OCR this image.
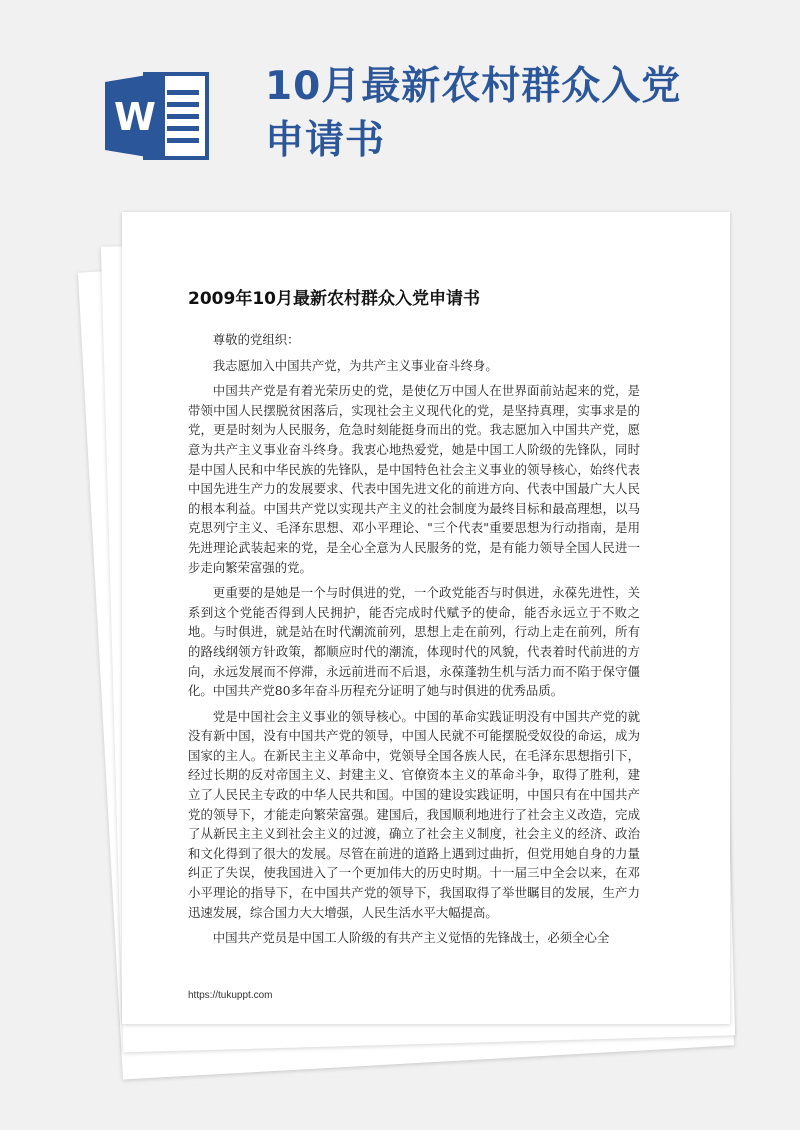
W
10月最新农村群众入党申请书
2009年10月最新农村群众入党申请书

尊敬的党组织：

我志愿加入中国共产党，为共产主义事业奋斗终身。

中国共产党是有着光荣历史的党，是使亿万中国人在世界面前站起来的党，是带领中国人民摆脱贫困落后，实现社会主义现代化的党，是坚持真理，实事求是的党，更是时刻为人民服务，危急时刻能挺身而出的党。我志愿加入中国共产党，愿意为共产主义事业奋斗终身。我衷心地热爱党，她是中国工人阶级的先锋队，同时是中国人民和中华民族的先锋队，是中国特色社会主义事业的领导核心，始终代表中国先进生产力的发展要求、代表中国先进文化的前进方向、代表中国最广大人民的根本利益。中国共产党以实现共产主义的社会制度为最终目标和最高理想，以马克思列宁主义、毛泽东思想、邓小平理论、"三个代表"重要思想为行动指南，是用先进理论武装起来的党，是全心全意为人民服务的党，是有能力领导全国人民进一步走向繁荣富强的党。

更重要的是她是一个与时俱进的党，一个政党能否与时俱进，永葆先进性，关系到这个党能否得到人民拥护，能否完成时代赋予的使命，能否永远立于不败之地。与时俱进，就是站在时代潮流前列，思想上走在前列，行动上走在前列，所有的路线纲领方针政策，都顺应时代的潮流，体现时代的风貌，代表着时代前进的方向，永远发展而不停滞，永远前进而不后退，永葆蓬勃生机与活力而不陷于保守僵化。中国共产党80多年奋斗历程充分证明了她与时俱进的优秀品质。

党是中国社会主义事业的领导核心。中国的革命实践证明没有中国共产党的就没有新中国，没有中国共产党的领导，中国人民就不可能摆脱受奴役的命运，成为国家的主人。在新民主主义革命中，党领导全国各族人民，在毛泽东思想指引下，经过长期的反对帝国主义、封建主义、官僚资本主义的革命斗争，取得了胜利，建立了人民民主专政的中华人民共和国。中国的建设实践证明，中国只有在中国共产党的领导下，才能走向繁荣富强。建国后，我国顺利地进行了社会主义改造，完成了从新民主主义到社会主义的过渡，确立了社会主义制度，社会主义的经济、政治和文化得到了很大的发展。尽管在前进的道路上遇到过曲折，但党用她自身的力量纠正了失误，使我国进入了一个更加伟大的历史时期。十一届三中全会以来，在邓小平理论的指导下，在中国共产党的领导下，我国取得了举世瞩目的发展，生产力迅速发展，综合国力大大增强，人民生活水平大幅提高。

中国共产党员是中国工人阶级的有共产主义觉悟的先锋战士，必须全心全

https://tukuppt.com
